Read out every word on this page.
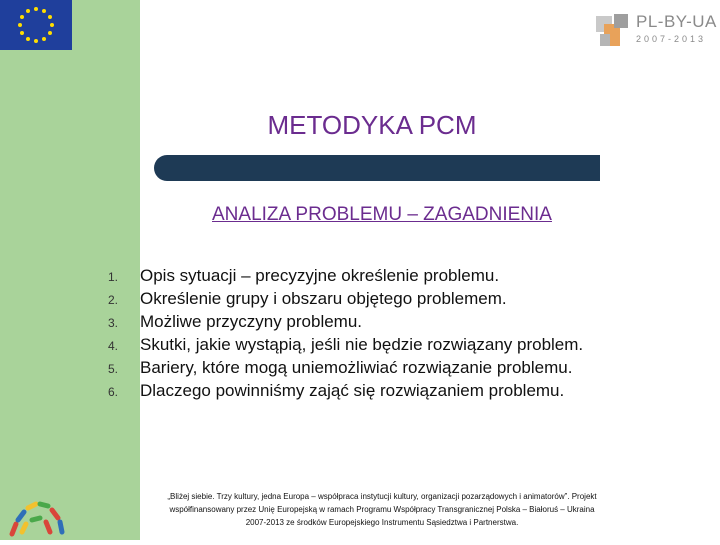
PL-BY-UA
2007-2013
METODYKA PCM
ANALIZA PROBLEMU – ZAGADNIENIA
1. Opis sytuacji – precyzyjne określenie problemu.
2. Określenie grupy i obszaru objętego problemem.
3. Możliwe przyczyny problemu.
4. Skutki, jakie wystąpią, jeśli nie będzie rozwiązany problem.
5. Bariery, które mogą uniemożliwiać rozwiązanie problemu.
6. Dlaczego powinniśmy zająć się rozwiązaniem problemu.
„Bliżej siebie. Trzy kultury, jedna Europa – współpraca instytucji kultury, organizacji pozarządowych i animatorów”. Projekt
współfinansowany przez Unię Europejską w ramach Programu Współpracy Transgranicznej Polska – Białoruś – Ukraina
2007-2013 ze środków Europejskiego Instrumentu Sąsiedztwa i Partnerstwa.
